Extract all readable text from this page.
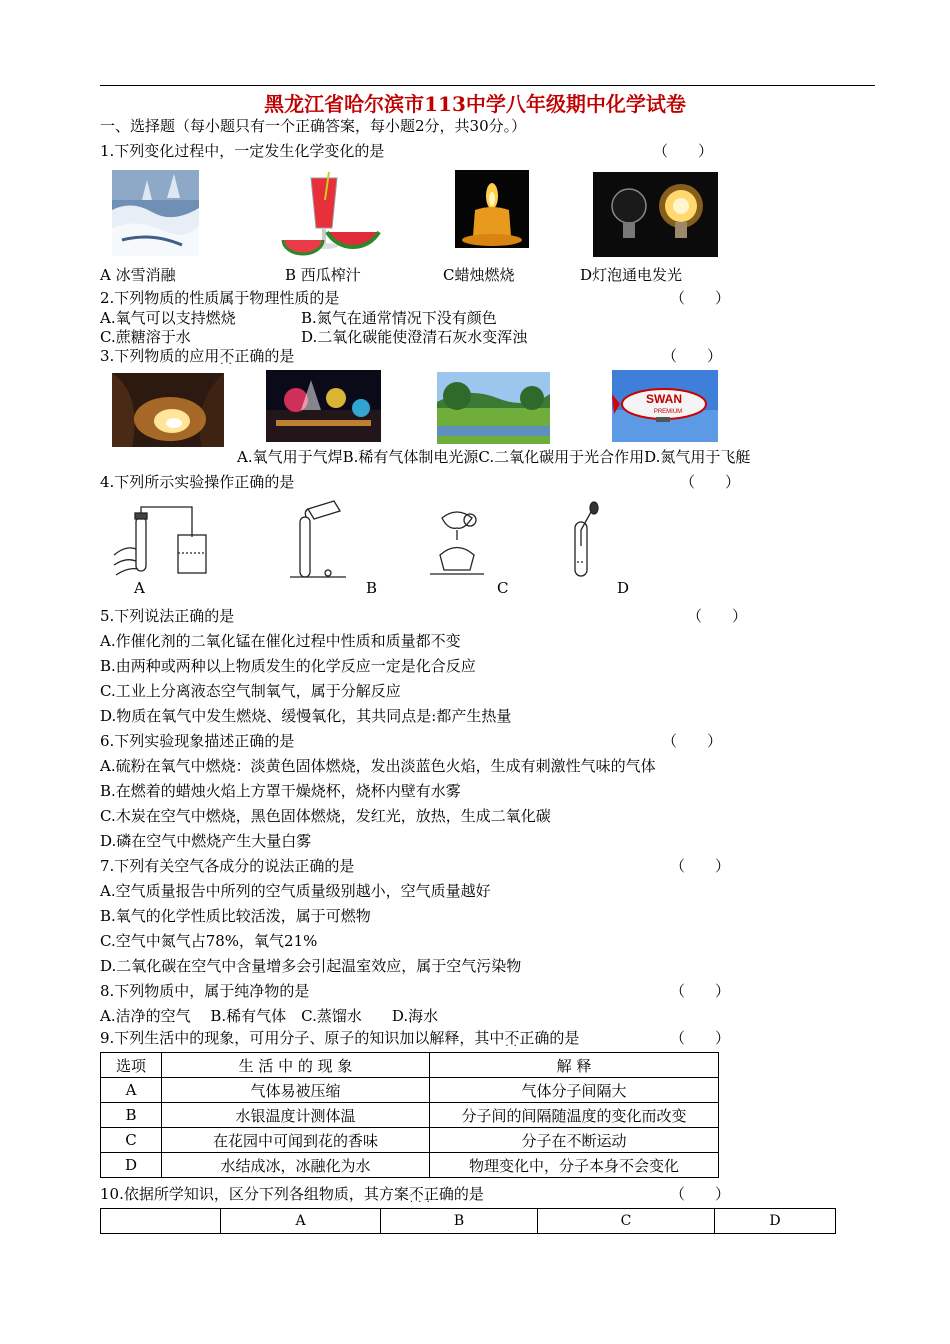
黑龙江省哈尔滨市113中学八年级期中化学试卷
一、选择题（每小题只有一个正确答案，每小题2分，共30分。）
1.下列变化过程中，一定发生化学变化的是	（　　）
A 冰雪消融	B 西瓜榨汁	C蜡烛燃烧	D灯泡通电发光
2.下列物质的性质属于物理性质的是	（　　）
A.氧气可以支持燃烧	B.氮气在通常情况下没有颜色
C.蔗糖溶于水	D.二氧化碳能使澄清石灰水变浑浊
3.下列物质的应用不正 · ·确的是	（　　）
SWAN
PREMIUM
A.氧气用于气焊B.稀有气体制电光源C.二氧化碳用于光合作用D.氮气用于飞艇
4.下列所示实验操作正确的是	（　　）
A	B	C	D
5.下列说法正确的是	（　　）
A.作催化剂的二氧化锰在催化过程中性质和质量都不变
B.由两种或两种以上物质发生的化学反应一定是化合反应
C.工业上分离液态空气制氧气，属于分解反应
D.物质在氧气中发生燃烧、缓慢氧化，其共同点是:都产生热量
6.下列实验现象描述正确的是	（　　）
A.硫粉在氧气中燃烧：淡黄色固体燃烧，发出淡蓝色火焰，生成有刺激性气味的气体
B.在燃着的蜡烛火焰上方罩干燥烧杯，烧杯内壁有水雾
C.木炭在空气中燃烧，黑色固体燃烧，发红光，放热，生成二氧化碳
D.磷在空气中燃烧产生大量白雾
7.下列有关空气各成分的说法正确的是	（　　）
A.空气质量报告中所列的空气质量级别越小，空气质量越好
B.氧气的化学性质比较活泼，属于可燃物
C.空气中氮气占78%，氧气21%
D.二氧化碳在空气中含量增多会引起温室效应，属于空气污染物
8.下列物质中，属于纯净物的是	（　　）
A.洁净的空气　 B.稀有气体　C.蒸馏水　　D.海水
9.下列生活中的现象，可用分子、原子的知识加以解释，其中不正 · ·确的是	（　　）
选项	生 活 中 的 现 象	解 释
A	气体易被压缩	气体分子间隔大
B	水银温度计测体温	分子间的间隔随温度的变化而改变
C	在花园中可闻到花的香味	分子在不断运动
D	水结成冰，冰融化为水	物理变化中，分子本身不会变化
10.依据所学知识，区分下列各组物质，其方案不正确 · · ·的是	（　　）
	A	B	C	D
